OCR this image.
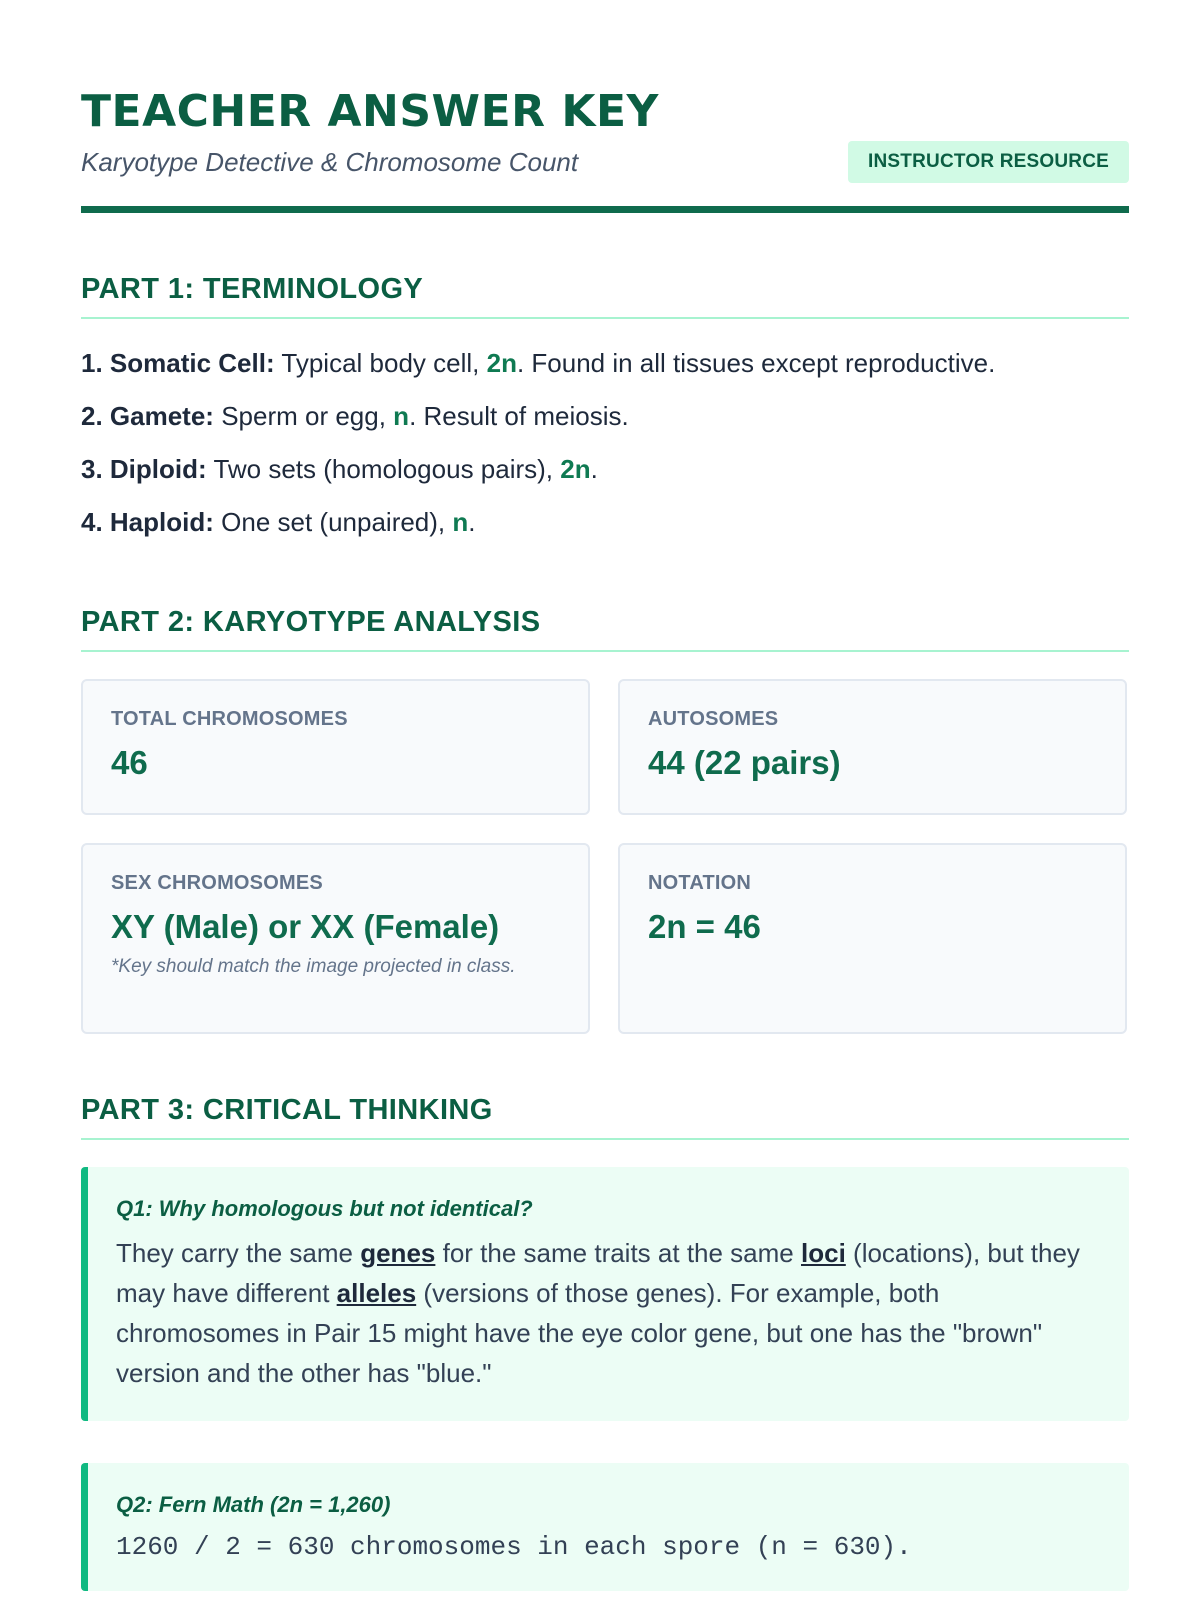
TEACHER ANSWER KEY
Karyotype Detective & Chromosome Count	INSTRUCTOR RESOURCE
PART 1: TERMINOLOGY
1. Somatic Cell: Typical body cell, 2n. Found in all tissues except reproductive.
2. Gamete: Sperm or egg, n. Result of meiosis.
3. Diploid: Two sets (homologous pairs), 2n.
4. Haploid: One set (unpaired), n.
PART 2: KARYOTYPE ANALYSIS
TOTAL CHROMOSOMES
46
AUTOSOMES
44 (22 pairs)
SEX CHROMOSOMES
XY (Male) or XX (Female)
*Key should match the image projected in class.
NOTATION
2n = 46
PART 3: CRITICAL THINKING
Q1: Why homologous but not identical?
They carry the same genes for the same traits at the same loci (locations), but they may have different alleles (versions of those genes). For example, both chromosomes in Pair 15 might have the eye color gene, but one has the "brown" version and the other has "blue."
Q2: Fern Math (2n = 1,260)
1260 / 2 = 630 chromosomes in each spore (n = 630).
